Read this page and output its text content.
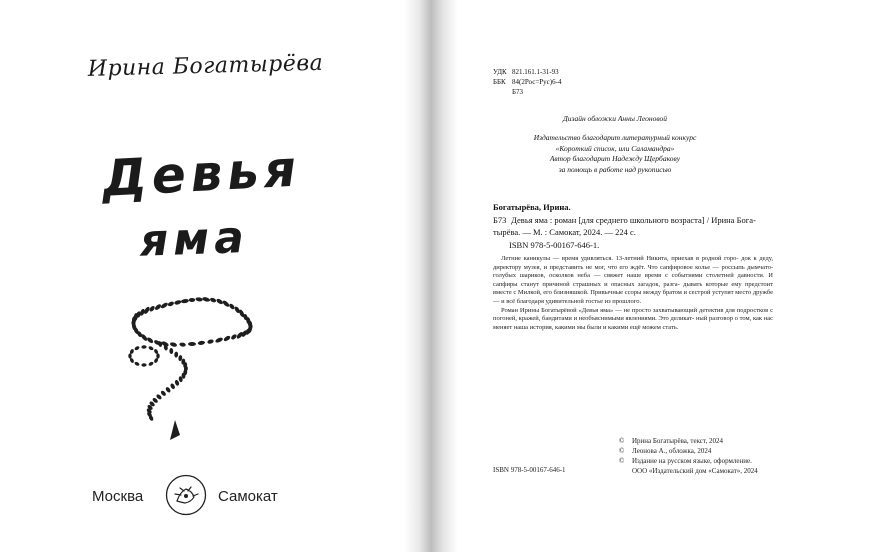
Ирина Богатырёва
Девья
яма
Москва	Самокат
УДК 821.161.1-31-93
ББК 84(2Рос=Рус)6-4
Б73
Дизайн обложки Анны Леоновой
Издательство благодарит литературный конкурс
«Короткий список, или Саламандра»
Автор благодарит Надежду Щербакову
за помощь в работе над рукописью
Богатырёва, Ирина.
Б73 Девья яма : роман [для среднего школьного возраста] / Ирина Бога-
тырёва. — М. : Самокат, 2024. — 224 с.
ISBN 978-5-00167-646-1.

Летние каникулы — время удивляться. 13-летний Никита, приехав в родной горо- док к деду, директору музея, и представить не мог, что его ждёт. Что сапфировое колье — россыпь дымчато-голубых шариков, осколков неба — свяжет наше время с событиями столетней давности. И сапфиры станут причиной страшных и опасных загадок, разга- дывать которые ему предстоит вместе с Милкой, его близняшкой. Привычные ссоры между братом и сестрой уступят место дружбе — и всё благодаря удивительной гостье из прошлого.

Роман Ирины Богатырёвой «Девья яма» — не просто захватывающий детектив для подростков с погоней, кражей, бандитами и необъяснимыми явлениями. Это деликат- ный разговор о том, как нас меняет наша история, какими мы были и какими ещё можем стать.

© Ирина Богатырёва, текст, 2024
© Леонова А., обложка, 2024
© Издание на русском языке, оформление.
ООО «Издательский дом «Самокат», 2024
ISBN 978-5-00167-646-1
